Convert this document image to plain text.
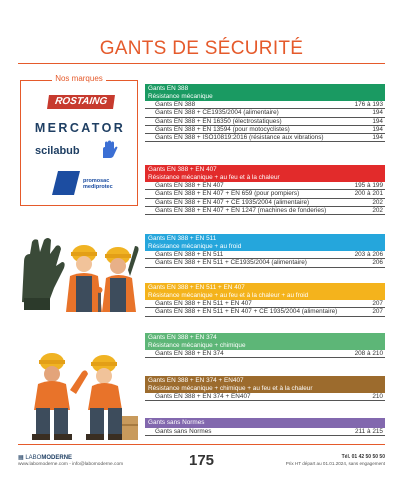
GANTS DE SÉCURITÉ
Nos marques
ROSTAING
MERCATOR
scilabub
promosac
mediprotec
Gants EN 388
Résistance mécanique
Gants EN 388	176 à 193
Gants EN 388 + CE1935/2004 (alimentaire)	194
Gants EN 388 + EN 16350 (électrostatiques)	194
Gants EN 388 + EN 13594 (pour motocyclistes)	194
Gants EN 388 + ISO10819:2016 (résistance aux vibrations)	194
Gants EN 388 + EN 407
Résistance mécanique + au feu et à la chaleur
Gants EN 388 + EN 407	195 à 199
Gants EN 388 + EN 407 + EN 659 (pour pompiers)	200 à 201
Gants EN 388 + EN 407 + CE 1935/2004 (alimentaire)	202
Gants EN 388 + EN 407 + EN 1247 (machines de fonderies)	202
Gants EN 388 + EN 511
Résistance mécanique + au froid
Gants EN 388 + EN 511	203 à 206
Gants EN 388 + EN 511 + CE1935/2004 (alimentaire)	206
Gants EN 388 + EN 511 + EN 407
Résistance mécanique + au feu et à la chaleur + au froid
Gants EN 388 + EN 511 + EN 407	207
Gants EN 388 + EN 511 + EN 407 + CE 1935/2004 (alimentaire)	207
Gants EN 388 + EN 374
Résistance mécanique + chimique
Gants EN 388 + EN 374	208 à 210
Gants EN 388 + EN 374 + EN407
Résistance mécanique + chimique + au feu et à la chaleur
Gants EN 388 + EN 374 + EN407	210
Gants sans Normes
Gants sans Normes	211 à 215
▦ LABOMODERNE
www.labomoderne.com - info@labomoderne.com	175	Tél. 01 42 50 50 50
Prix HT départ au 01.01.2024, sans engagement
